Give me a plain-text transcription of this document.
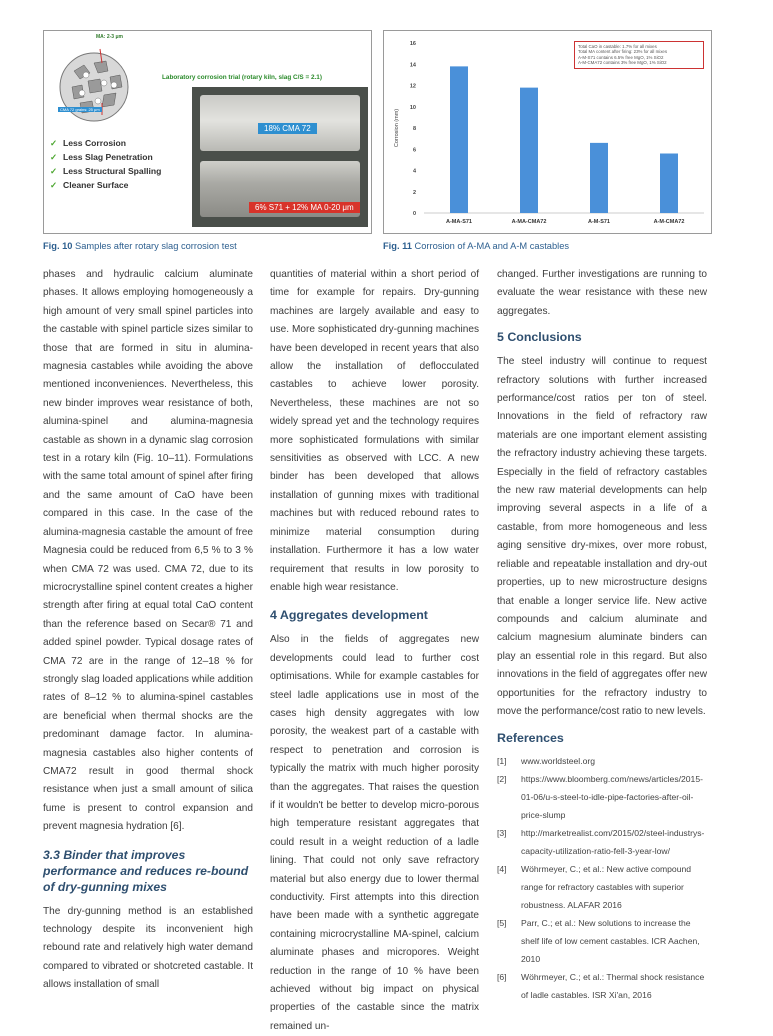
MA: 2-3 μm
CMA 72 grains: 25 μm
Laboratory corrosion trial (rotary kiln, slag C/S = 2.1)
18% CMA 72
6% S71 + 12% MA 0-20 μm
✓ Less Corrosion
✓ Less Slag Penetration
✓ Less Structural Spalling
✓ Cleaner Surface
0
2
4
6
8
10
12
14
16
Corrosion (mm)
A-MA-S71	A-MA-CMA72	A-M-S71	A-M-CMA72
Total CaO in castable: 1.7% for all mixes
Total MA content after firing: 23% for all mixes
A-M-S71 contains 6.5% free MgO, 1% SiO2
A-M-CMA72 contains 3% free MgO, 1% SiO2
Fig. 10 Samples after rotary slag corrosion test	Fig. 11 Corrosion of A-MA and A-M castables

phases and hydraulic calcium aluminate phases. It allows employing homogeneously a high amount of very small spinel particles into the castable with spinel particle sizes similar to those that are formed in situ in alumina-magnesia castables while avoiding the above mentioned inconveniences. Nevertheless, this new binder improves wear resistance of both, alumina-spinel and alumina-magnesia castable as shown in a dynamic slag corrosion test in a rotary kiln (Fig. 10–11). Formulations with the same total amount of spinel after firing and the same amount of CaO have been compared in this case. In the case of the alumina-magnesia castable the amount of free Magnesia could be reduced from 6,5 % to 3 % when CMA 72 was used. CMA 72, due to its microcrystalline spinel content creates a higher strength after firing at equal total CaO content than the reference based on Secar® 71 and added spinel powder. Typical dosage rates of CMA 72 are in the range of 12–18 % for strongly slag loaded applications while addition rates of 8–12 % to alumina-spinel castables are beneficial when thermal shocks are the predominant damage factor. In alumina-magnesia castables also higher contents of CMA72 result in good thermal shock resistance when just a small amount of silica fume is present to control expansion and prevent magnesia hydration [6].

3.3 Binder that improves performance and reduces re-bound of dry-gunning mixes

The dry-gunning method is an established technology despite its inconvenient high rebound rate and relatively high water demand compared to vibrated or shotcreted castable. It allows installation of small

quantities of material within a short period of time for example for repairs. Dry-gunning machines are largely available and easy to use. More sophisticated dry-gunning machines have been developed in recent years that also allow the installation of deflocculated castables to achieve lower porosity. Nevertheless, these machines are not so widely spread yet and the technology requires more sophisticated formulations with similar sensitivities as observed with LCC. A new binder has been developed that allows installation of gunning mixes with traditional machines but with reduced rebound rates to minimize material consumption during installation. Furthermore it has a low water requirement that results in low porosity to enable high wear resistance.

4 Aggregates development

Also in the fields of aggregates new developments could lead to further cost optimisations. While for example castables for steel ladle applications use in most of the cases high density aggregates with low porosity, the weakest part of a castable with respect to penetration and corrosion is typically the matrix with much higher porosity than the aggregates. That raises the question if it wouldn't be better to develop micro-porous high temperature resistant aggregates that could result in a weight reduction of a ladle lining. That could not only save refractory material but also energy due to lower thermal conductivity. First attempts into this direction have been made with a synthetic aggregate containing microcrystalline MA-spinel, calcium aluminate phases and micropores. Weight reduction in the range of 10 % have been achieved without big impact on physical properties of the castable since the matrix remained un-

changed. Further investigations are running to evaluate the wear resistance with these new aggregates.

5 Conclusions

The steel industry will continue to request refractory solutions with further increased performance/cost ratios per ton of steel. Innovations in the field of refractory raw materials are one important element assisting the refractory industry achieving these targets. Especially in the field of refractory castables the new raw material developments can help improving several aspects in a life of a castable, from more homogeneous and less aging sensitive dry-mixes, over more robust, reliable and repeatable installation and dry-out properties, up to new microstructure designs that enable a longer service life. New active compounds and calcium aluminate and calcium magnesium aluminate binders can play an essential role in this regard. But also innovations in the field of aggregates offer new opportunities for the refractory industry to move the performance/cost ratio to new levels.

References
[1]	www.worldsteel.org
[2]	https://www.bloomberg.com/news/articles/2015-01-06/u-s-steel-to-idle-pipe-factories-after-oil-price-slump
[3]	http://marketrealist.com/2015/02/steel-industrys-capacity-utilization-ratio-fell-3-year-low/
[4]	Wöhrmeyer, C.; et al.: New active compound range for refractory castables with superior robustness. ALAFAR 2016
[5]	Parr, C.; et al.: New solutions to increase the shelf life of low cement castables. ICR Aachen, 2010
[6]	Wöhrmeyer, C.; et al.: Thermal shock resistance of ladle castables. ISR Xi'an, 2016
